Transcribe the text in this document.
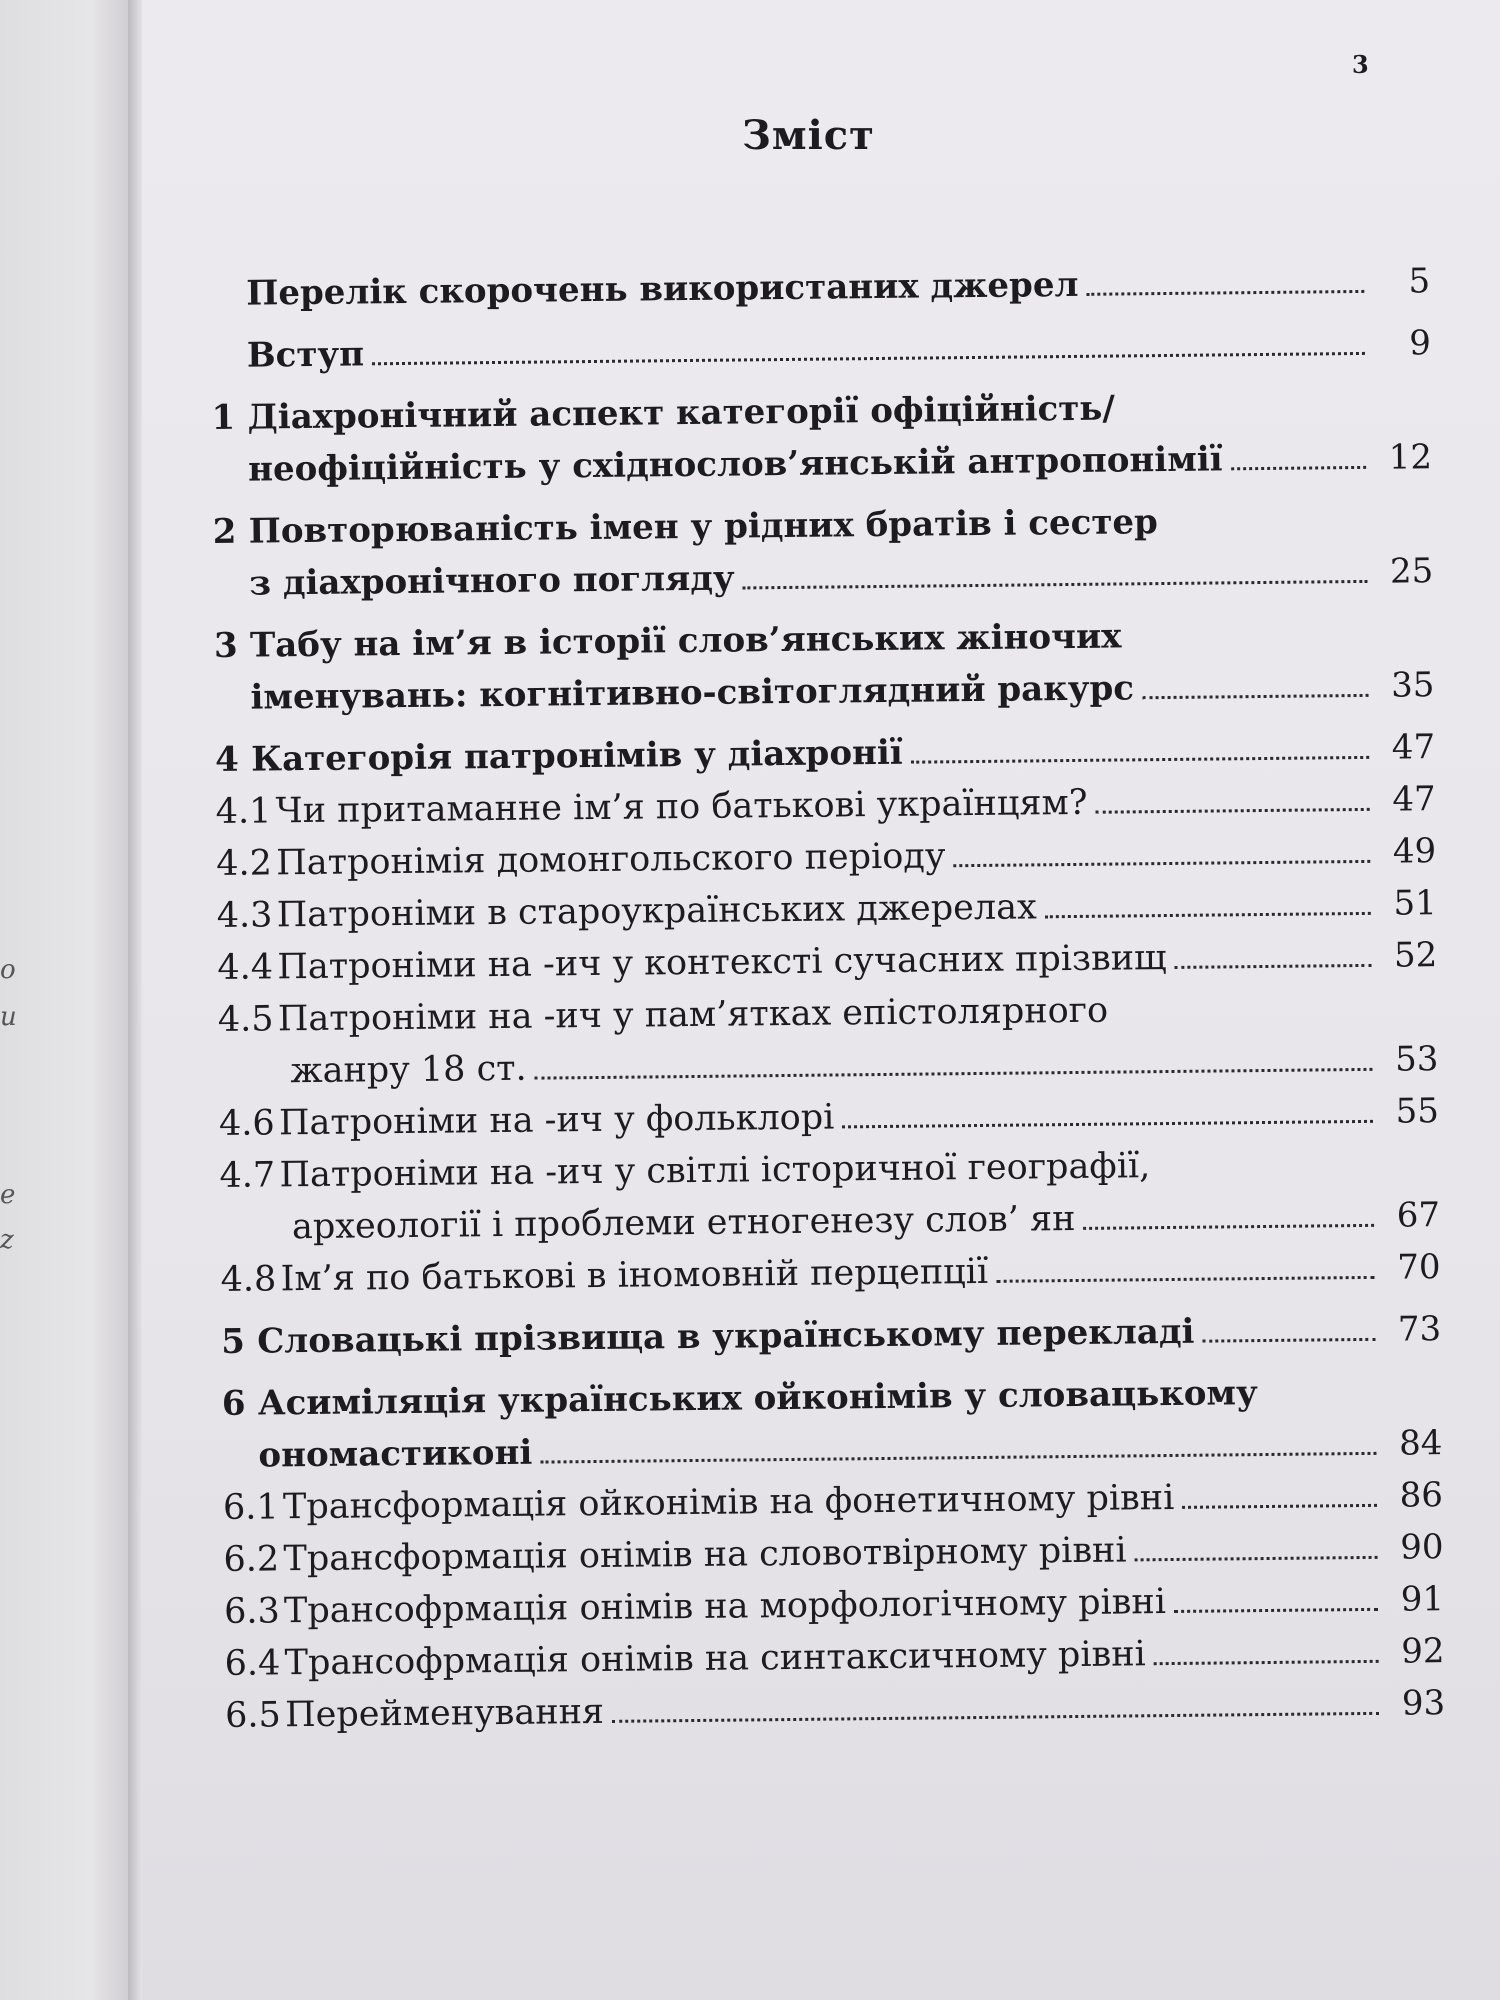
о
и
е
z
3
Зміст
Перелік скорочень використаних джерел	5
Вступ	9
1 Діахронічний аспект категорії офіційність/
неофіційність у східнослов’янській антропонімії	12
2 Повторюваність імен у рідних братів і сестер
з діахронічного погляду	25
3 Табу на ім’я в історії слов’янських жіночих
іменувань: когнітивно-світоглядний ракурс	35
4 Категорія патронімів у діахронії	47
4.1 Чи притаманне ім’я по батькові українцям?	47
4.2 Патронімія домонгольского періоду	49
4.3 Патроніми в староукраїнських джерелах	51
4.4 Патроніми на -ич у контексті сучасних прізвищ	52
4.5 Патроніми на -ич у пам’ятках епістолярного
жанру 18 ст.	53
4.6 Патроніми на -ич у фольклорі	55
4.7 Патроніми на -ич у світлі історичної географії,
археології і проблеми етногенезу слов’ ян	67
4.8 Ім’я по батькові в іномовній перцепції	70
5 Словацькі прізвища в українському перекладі	73
6 Асиміляція українських ойконімів у словацькому
ономастиконі	84
6.1 Трансформація ойконімів на фонетичному рівні	86
6.2 Трансформація онімів на словотвірному рівні	90
6.3 Трансофрмація онімів на морфологічному рівні	91
6.4 Трансофрмація онімів на синтаксичному рівні	92
6.5 Перейменування	93
